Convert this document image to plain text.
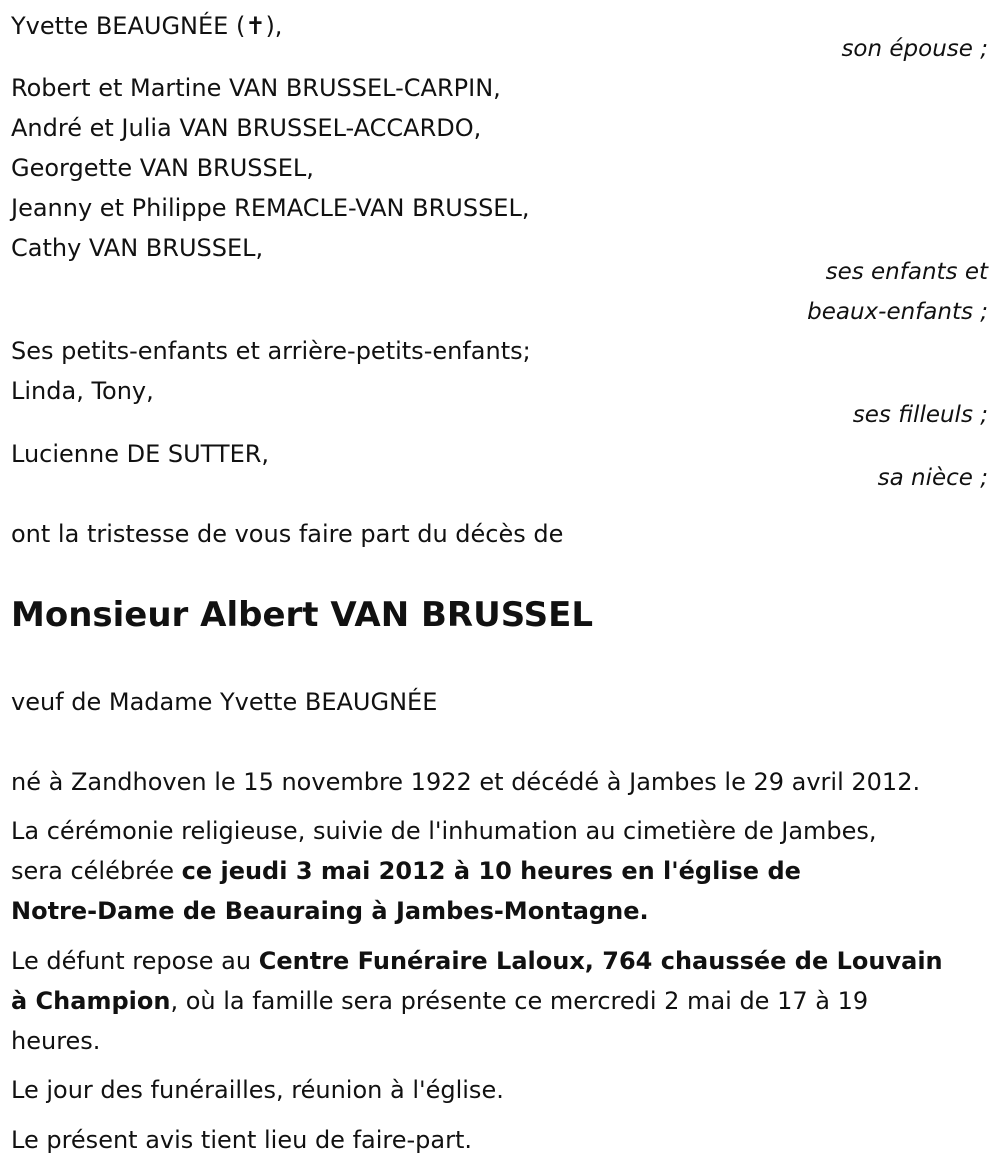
Yvette BEAUGNÉE (✝),
son épouse ;
Robert et Martine VAN BRUSSEL-CARPIN,
André et Julia VAN BRUSSEL-ACCARDO,
Georgette VAN BRUSSEL,
Jeanny et Philippe REMACLE-VAN BRUSSEL,
Cathy VAN BRUSSEL,
ses enfants et
beaux-enfants ;
Ses petits-enfants et arrière-petits-enfants;
Linda, Tony,
ses filleuls ;
Lucienne DE SUTTER,
sa nièce ;
ont la tristesse de vous faire part du décès de
Monsieur Albert VAN BRUSSEL
veuf de Madame Yvette BEAUGNÉE
né à Zandhoven le 15 novembre 1922 et décédé à Jambes le 29 avril 2012.
La cérémonie religieuse, suivie de l'inhumation au cimetière de Jambes,
sera célébrée ce jeudi 3 mai 2012 à 10 heures en l'église de
Notre-Dame de Beauraing à Jambes-Montagne.
Le défunt repose au Centre Funéraire Laloux, 764 chaussée de Louvain
à Champion, où la famille sera présente ce mercredi 2 mai de 17 à 19
heures.
Le jour des funérailles, réunion à l'église.
Le présent avis tient lieu de faire-part.
